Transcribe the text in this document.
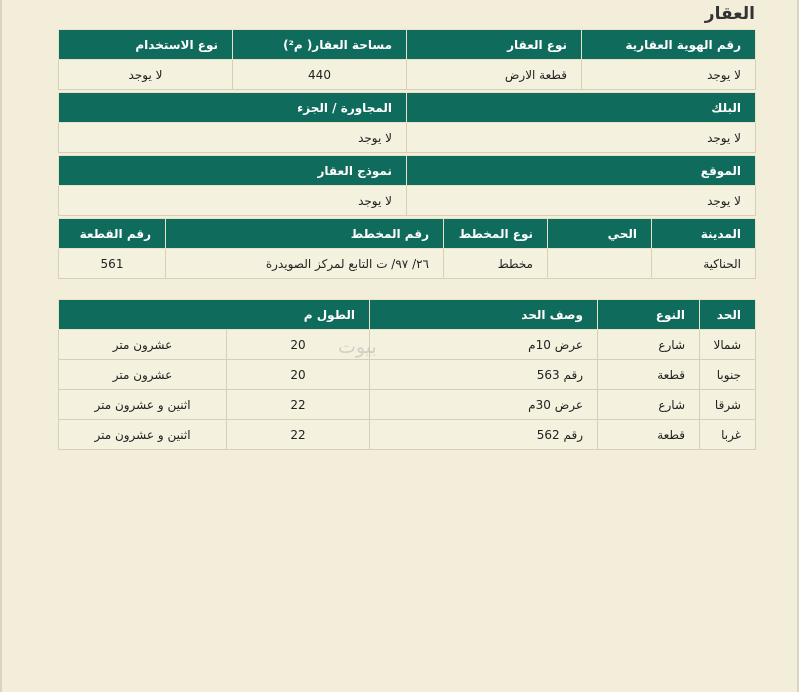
العقار
رقم الهوية العقارية	نوع العقار	مساحة العقار( م²)	نوع الاستخدام
لا يوجد	قطعة الارض	440	لا يوجد
البلك	المجاورة / الجزء
لا يوجد	لا يوجد
الموقع	نموذج العقار
لا يوجد	لا يوجد
المدينة	الحي	نوع المخطط	رقم المخطط	رقم القطعة
الحناكية		مخطط	٢٦/ ٩٧/ ت التابع لمركز الصويدرة	561
الحد	النوع	وصف الحد	الطول م	
شمالا	شارع	عرض 10م	20	عشرون متر
جنوبا	قطعة	رقم 563	20	عشرون متر
شرقا	شارع	عرض 30م	22	اثنين و عشرون متر
غربا	قطعة	رقم 562	22	اثنين و عشرون متر
بيوت
